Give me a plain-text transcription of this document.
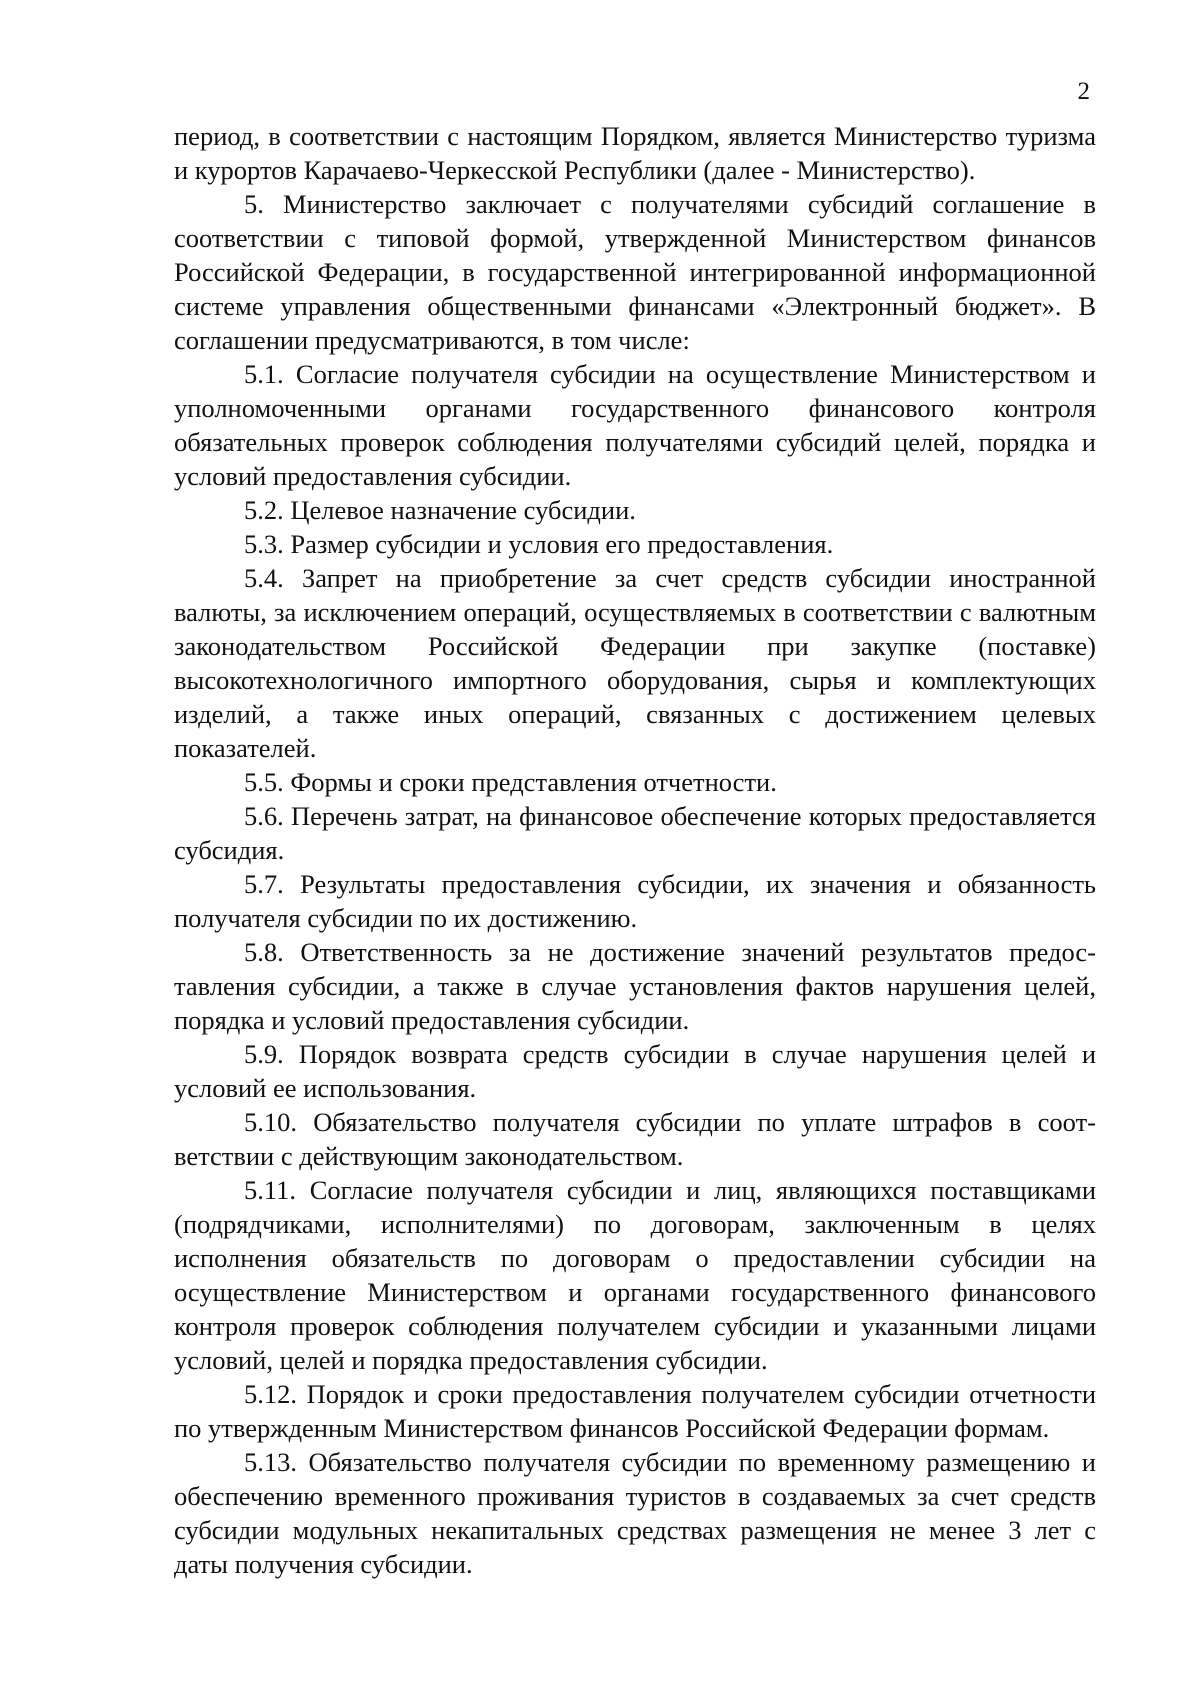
2

период, в соответствии с настоящим Порядком, является Министерство туризма и курортов Карачаево-Черкесской Республики (далее - Министерство).

5. Министерство заключает с получателями субсидий соглашение в соответствии с типовой формой, утвержденной Министерством финансов Российской Федерации, в государственной интегрированной информационной системе управления общественными финансами «Электронный бюджет». В соглашении предусматриваются, в том числе:

5.1. Согласие получателя субсидии на осуществление Министерством и уполномоченными органами государственного финансового контроля обязательных проверок соблюдения получателями субсидий целей, порядка и условий предоставления субсидии.

5.2. Целевое назначение субсидии.

5.3. Размер субсидии и условия его предоставления.

5.4. Запрет на приобретение за счет средств субсидии иностранной валюты, за исключением операций, осуществляемых в соответствии с валютным законодательством Российской Федерации при закупке (поставке) высокотехнологичного импортного оборудования, сырья и комплектующих изделий, а также иных операций, связанных с достижением целевых показателей.

5.5. Формы и сроки представления отчетности.

5.6. Перечень затрат, на финансовое обеспечение которых предоставляется субсидия.

5.7. Результаты предоставления субсидии, их значения и обязанность получателя субсидии по их достижению.

5.8. Ответственность за не достижение значений результатов предоставления субсидии, а также в случае установления фактов нарушения целей, порядка и условий предоставления субсидии.

5.9. Порядок возврата средств субсидии в случае нарушения целей и условий ее использования.

5.10. Обязательство получателя субсидии по уплате штрафов в соответствии с действующим законодательством.

5.11. Согласие получателя субсидии и лиц, являющихся поставщиками (подрядчиками, исполнителями) по договорам, заключенным в целях исполнения обязательств по договорам о предоставлении субсидии на осуществление Министерством и органами государственного финансового контроля проверок соблюдения получателем субсидии и указанными лицами условий, целей и порядка предоставления субсидии.

5.12. Порядок и сроки предоставления получателем субсидии отчетности по утвержденным Министерством финансов Российской Федерации формам.

5.13. Обязательство получателя субсидии по временному размещению и обеспечению временного проживания туристов в создаваемых за счет средств субсидии модульных некапитальных средствах размещения не менее 3 лет с даты получения субсидии.
